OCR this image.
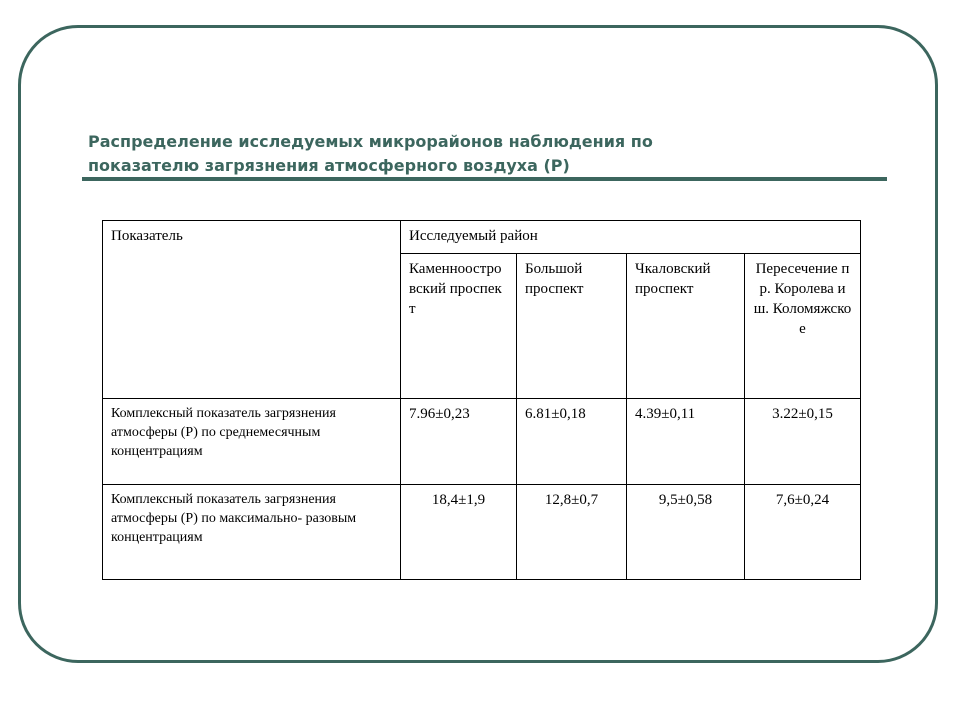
Распределение исследуемых микрорайонов наблюдения по
показателю загрязнения атмосферного воздуха (Р)
Показатель	Исследуемый район			
	Каменноостровский проспект	Большой проспект	Чкаловский проспект	Пересечение пр. Королева и ш. Коломяжское
Комплексный показатель загрязнения атмосферы (Р) по среднемесячным концентрациям	7.96±0,23	6.81±0,18	4.39±0,11	3.22±0,15
Комплексный показатель загрязнения атмосферы (Р) по максимально- разовым концентрациям	18,4±1,9	12,8±0,7	9,5±0,58	7,6±0,24
